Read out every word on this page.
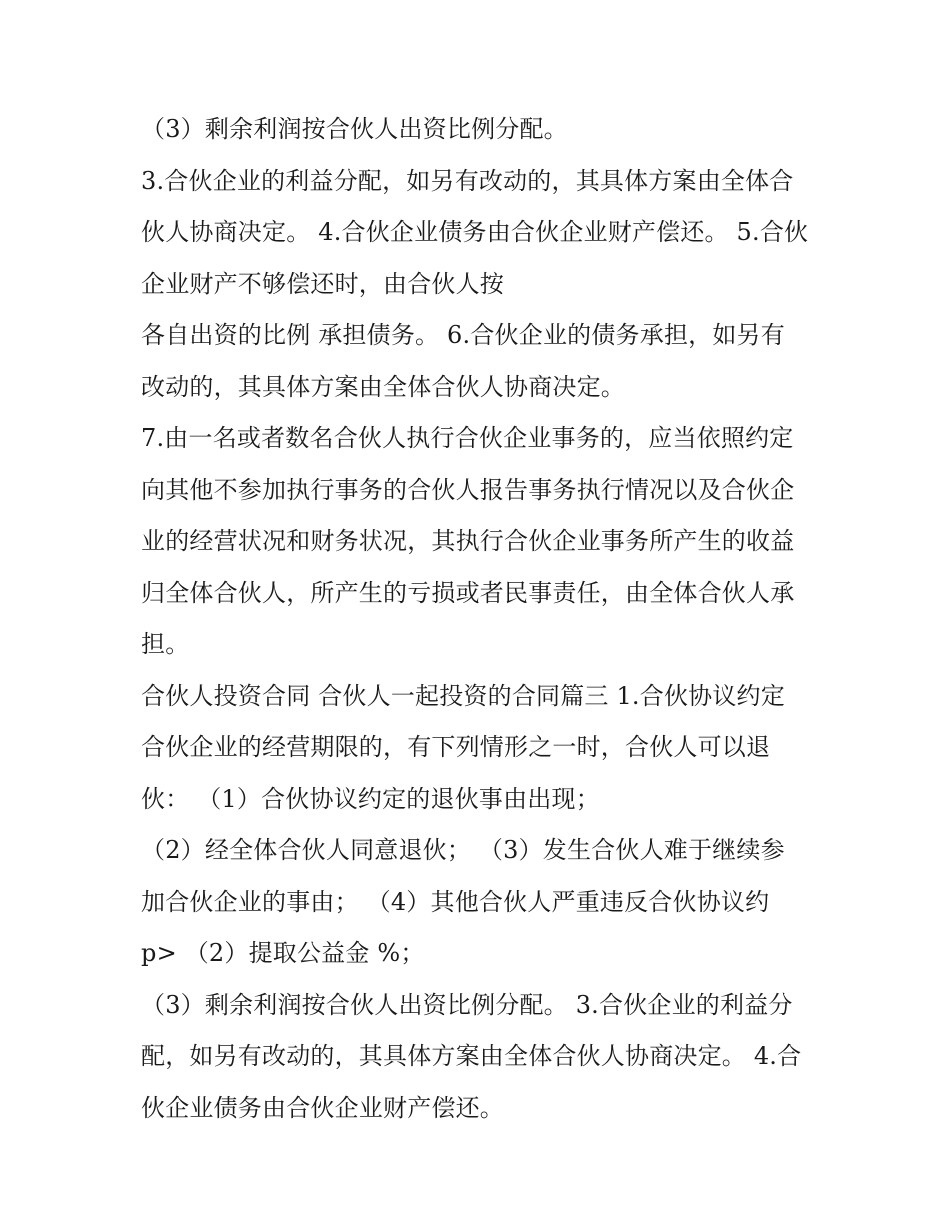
（3）剩余利润按合伙人出资比例分配。
3.合伙企业的利益分配，如另有改动的，其具体方案由全体合
伙人协商决定。 4.合伙企业债务由合伙企业财产偿还。 5.合伙
企业财产不够偿还时，由合伙人按
各自出资的比例 承担债务。 6.合伙企业的债务承担，如另有
改动的，其具体方案由全体合伙人协商决定。
7.由一名或者数名合伙人执行合伙企业事务的，应当依照约定
向其他不参加执行事务的合伙人报告事务执行情况以及合伙企
业的经营状况和财务状况，其执行合伙企业事务所产生的收益
归全体合伙人，所产生的亏损或者民事责任，由全体合伙人承
担。
合伙人投资合同 合伙人一起投资的合同篇三 1.合伙协议约定
合伙企业的经营期限的，有下列情形之一时，合伙人可以退
伙： （1）合伙协议约定的退伙事由出现；
（2）经全体合伙人同意退伙； （3）发生合伙人难于继续参
加合伙企业的事由； （4）其他合伙人严重违反合伙协议约
p> （2）提取公益金 %；
（3）剩余利润按合伙人出资比例分配。 3.合伙企业的利益分
配，如另有改动的，其具体方案由全体合伙人协商决定。 4.合
伙企业债务由合伙企业财产偿还。
